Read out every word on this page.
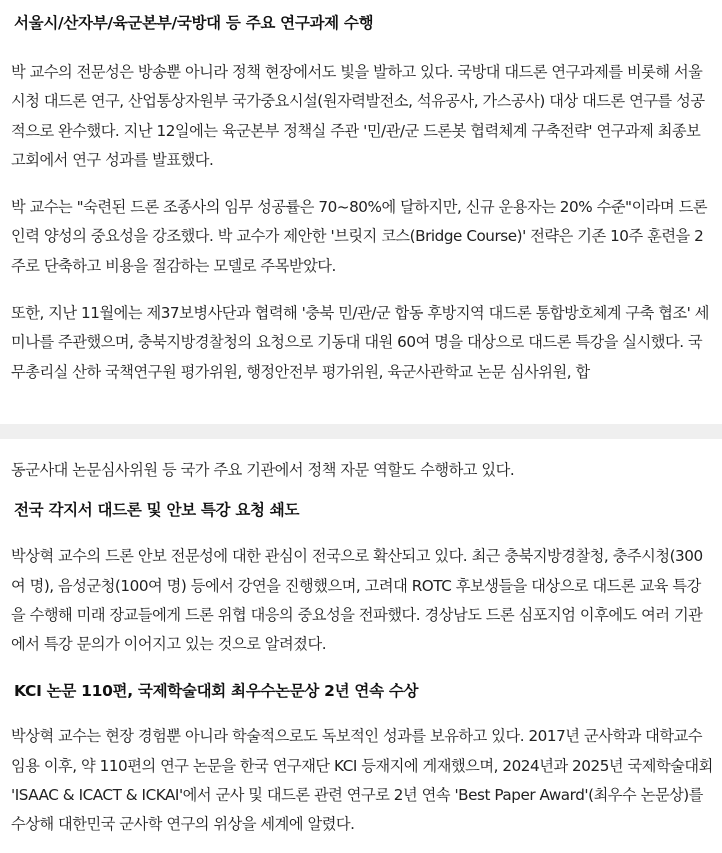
서울시/산자부/육군본부/국방대 등 주요 연구과제 수행

박 교수의 전문성은 방송뿐 아니라 정책 현장에서도 빛을 발하고 있다. 국방대 대드론 연구과제를 비롯해 서울시청 대드론 연구, 산업통상자원부 국가중요시설(원자력발전소, 석유공사, 가스공사) 대상 대드론 연구를 성공적으로 완수했다. 지난 12일에는 육군본부 정책실 주관 '민/관/군 드론봇 협력체계 구축전략' 연구과제 최종보고회에서 연구 성과를 발표했다.

박 교수는 "숙련된 드론 조종사의 임무 성공률은 70~80%에 달하지만, 신규 운용자는 20% 수준"이라며 드론 인력 양성의 중요성을 강조했다. 박 교수가 제안한 '브릿지 코스(Bridge Course)' 전략은 기존 10주 훈련을 2주로 단축하고 비용을 절감하는 모델로 주목받았다.

또한, 지난 11월에는 제37보병사단과 협력해 '충북 민/관/군 합동 후방지역 대드론 통합방호체계 구축 협조' 세미나를 주관했으며, 충북지방경찰청의 요청으로 기동대 대원 60여 명을 대상으로 대드론 특강을 실시했다. 국무총리실 산하 국책연구원 평가위원, 행정안전부 평가위원, 육군사관학교 논문 심사위원, 합

동군사대 논문심사위원 등 국가 주요 기관에서 정책 자문 역할도 수행하고 있다.

전국 각지서 대드론 및 안보 특강 요청 쇄도

박상혁 교수의 드론 안보 전문성에 대한 관심이 전국으로 확산되고 있다. 최근 충북지방경찰청, 충주시청(300여 명), 음성군청(100여 명) 등에서 강연을 진행했으며, 고려대 ROTC 후보생들을 대상으로 대드론 교육 특강을 수행해 미래 장교들에게 드론 위협 대응의 중요성을 전파했다. 경상남도 드론 심포지엄 이후에도 여러 기관에서 특강 문의가 이어지고 있는 것으로 알려졌다.

KCI 논문 110편, 국제학술대회 최우수논문상 2년 연속 수상

박상혁 교수는 현장 경험뿐 아니라 학술적으로도 독보적인 성과를 보유하고 있다. 2017년 군사학과 대학교수 임용 이후, 약 110편의 연구 논문을 한국 연구재단 KCI 등재지에 게재했으며, 2024년과 2025년 국제학술대회 'ISAAC & ICACT & ICKAI'에서 군사 및 대드론 관련 연구로 2년 연속 'Best Paper Award'(최우수 논문상)를 수상해 대한민국 군사학 연구의 위상을 세계에 알렸다.
